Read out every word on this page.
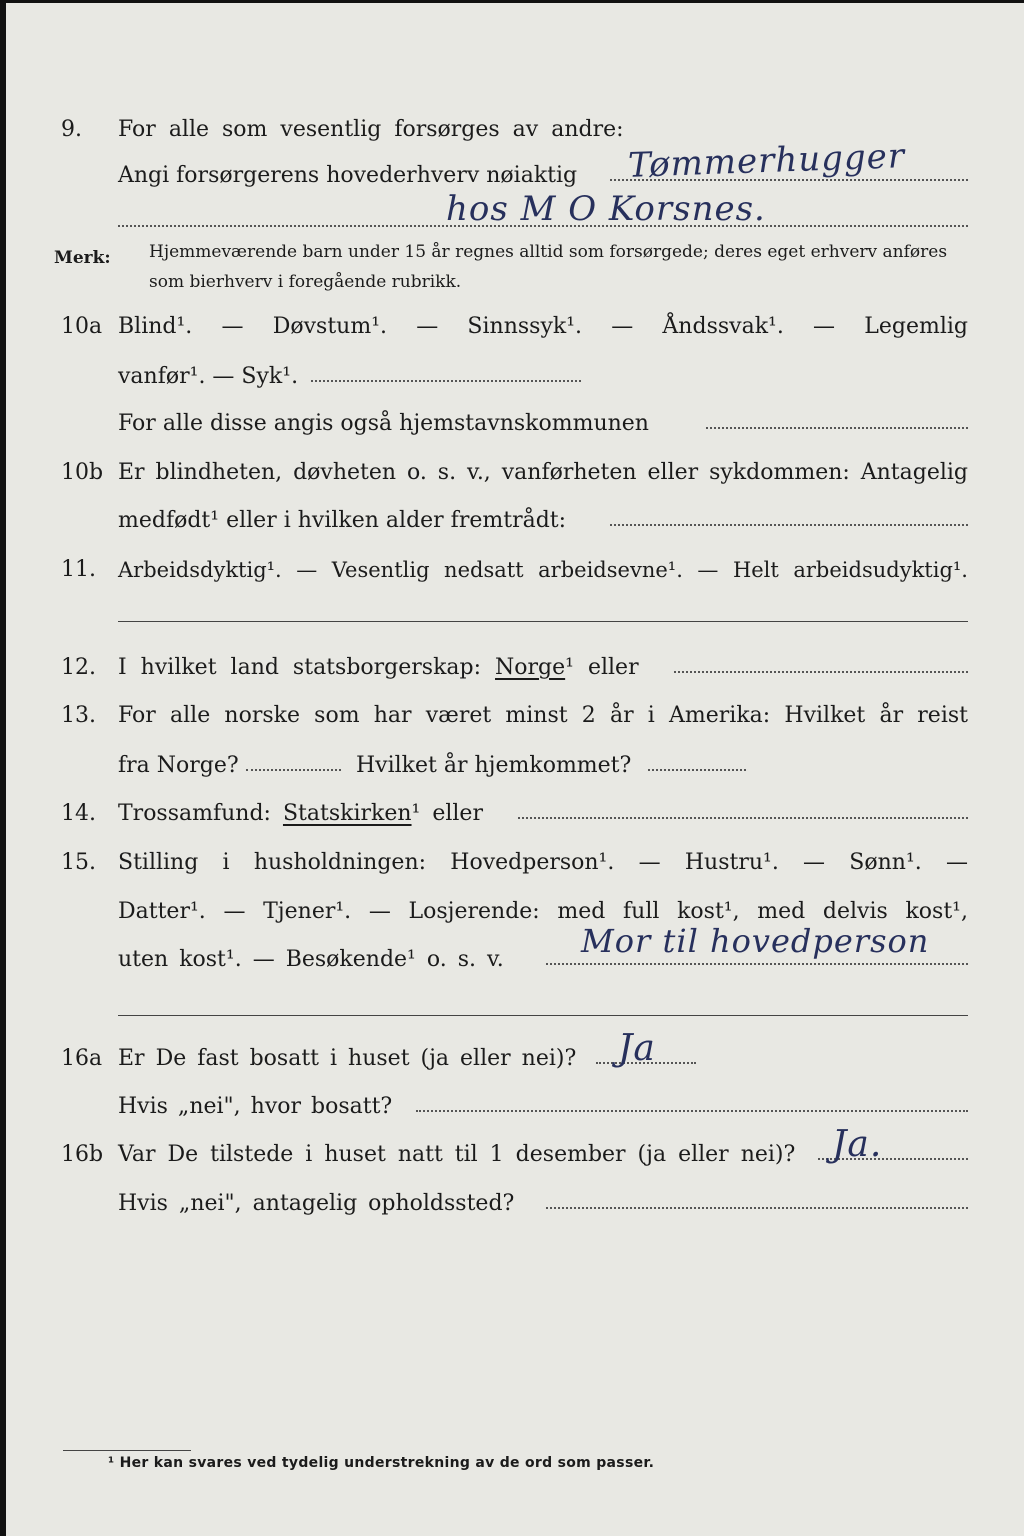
9. For alle som vesentlig forsørges av andre:
Angi forsørgerens hovederhverv nøiaktig Tømmerhugger
hos M O Korsnes.
Merk: Hjemmeværende barn under 15 år regnes alltid som forsørgede; deres eget erhverv anføres som bierhverv i foregående rubrikk.
10a Blind¹. — Døvstum¹. — Sinnssyk¹. — Åndssvak¹. — Legemlig
vanfør¹. — Syk¹.
For alle disse angis også hjemstavnskommunen
10b Er blindheten, døvheten o. s. v., vanførheten eller sykdommen: Antagelig
medfødt¹ eller i hvilken alder fremtrådt:
11. Arbeidsdyktig¹. — Vesentlig nedsatt arbeidsevne¹. — Helt arbeidsudyktig¹.
12. I hvilket land statsborgerskap: Norge¹ eller
13. For alle norske som har været minst 2 år i Amerika: Hvilket år reist
fra Norge?	Hvilket år hjemkommet?
14. Trossamfund: Statskirken¹ eller
15. Stilling i husholdningen: Hovedperson¹. — Hustru¹. — Sønn¹. —
Datter¹. — Tjener¹. — Losjerende: med full kost¹, med delvis kost¹,
uten kost¹. — Besøkende¹ o. s. v. Mor til hovedperson
16a Er De fast bosatt i huset (ja eller nei)? Ja
Hvis „nei", hvor bosatt?
16b Var De tilstede i huset natt til 1 desember (ja eller nei)? Ja.
Hvis „nei", antagelig opholdssted?
¹ Her kan svares ved tydelig understrekning av de ord som passer.
